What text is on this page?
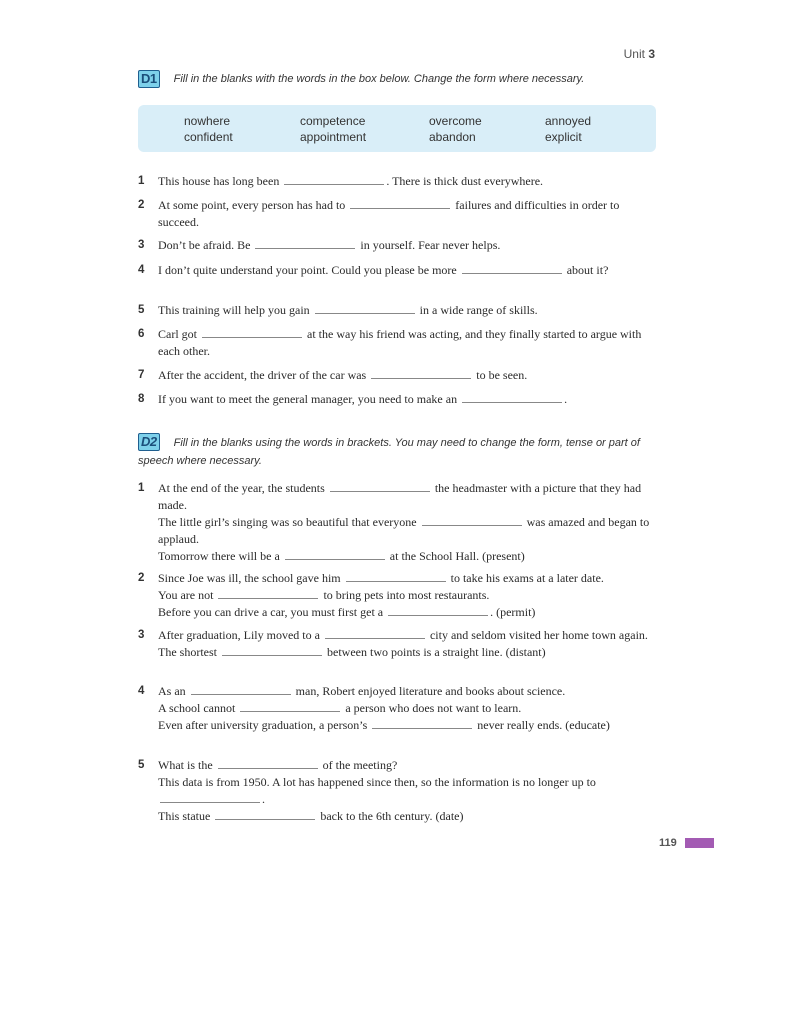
Unit 3
D1 Fill in the blanks with the words in the box below. Change the form where necessary.
nowhere	competence	overcome	annoyed
confident	appointment	abandon	explicit
1 This house has long been	. There is thick dust everywhere.
2 At some point, every person has had to	failures and difficulties in order to succeed.
3 Don’t be afraid. Be	in yourself. Fear never helps.
4 I don’t quite understand your point. Could you please be more	about it?
5 This training will help you gain	in a wide range of skills.
6 Carl got	at the way his friend was acting, and they finally started to argue with each other.
7 After the accident, the driver of the car was	to be seen.
8 If you want to meet the general manager, you need to make an	.
D2 Fill in the blanks using the words in brackets. You may need to change the form, tense or part of speech where necessary.
1 At the end of the year, the students	the headmaster with a picture that they had made.
The little girl’s singing was so beautiful that everyone	was amazed and began to applaud.
Tomorrow there will be a	at the School Hall. (present)
2 Since Joe was ill, the school gave him	to take his exams at a later date.
You are not	to bring pets into most restaurants.
Before you can drive a car, you must first get a	. (permit)
3 After graduation, Lily moved to a	city and seldom visited her home town again.
The shortest	between two points is a straight line. (distant)
4 As an	man, Robert enjoyed literature and books about science.
A school cannot	a person who does not want to learn.
Even after university graduation, a person’s	never really ends. (educate)
5 What is the	of the meeting?
This data is from 1950. A lot has happened since then, so the information is no longer up to .
This statue	back to the 6th century. (date)
119
